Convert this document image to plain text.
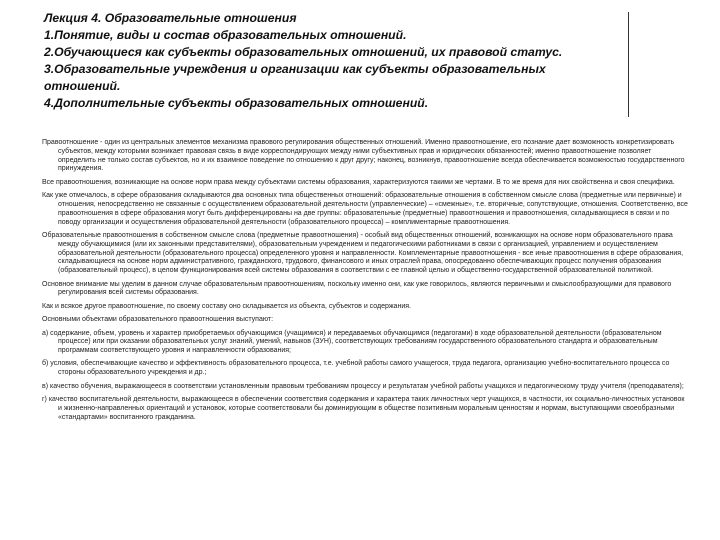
Лекция 4. Образовательные отношения
1.Понятие, виды и состав образовательных отношений.
2.Обучающиеся как субъекты образовательных отношений, их правовой статус.
3.Образовательные учреждения и организации как субъекты образовательных
отношений.
4.Дополнительные субъекты образовательных отношений.

Правоотношение - один из центральных элементов механизма правового регулирования общественных отношений. Именно правоотношение, его познание дает возможность конкретизировать субъектов, между которыми возникает правовая связь в виде корреспондирующих между ними субъективных прав и юридических обязанностей; именно правоотношение позволяет определить не только состав субъектов, но и их взаимное поведение по отношению к друг другу; наконец, возникнув, правоотношение всегда обеспечивается возможностью государственного принуждения.

Все правоотношения, возникающие на основе норм права между субъектами системы образования, характеризуются такими же чертами. В то же время для них свойственна и своя специфика.

Как уже отмечалось, в сфере образования складываются два основных типа общественных отношений: образовательные отношения в собственном смысле слова (предметные или первичные) и отношения, непосредственно не связанные с осуществлением образовательной деятельности (управленческие) – «смежные», т.е. вторичные, сопутствующие, отношения. Соответственно, все правоотношения в сфере образования могут быть дифференцированы на две группы: образовательные (предметные) правоотношения и правоотношения, складывающиеся в связи и по поводу организации и осуществления образовательной деятельности (образовательного процесса) – комплиментарные правоотношения.

Образовательные правоотношения в собственном смысле слова (предметные правоотношения) - особый вид общественных отношений, возникающих на основе норм образовательного права между обучающимися (или их законными представителями), образовательным учреждением и педагогическими работниками в связи с организацией, управлением и осуществлением образовательной деятельности (образовательного процесса) определенного уровня и направленности. Комплементарные правоотношения - все иные правоотношения в сфере образования, складывающиеся на основе норм административного, гражданского, трудового, финансового и иных отраслей права, опосредованно обеспечивающих процесс получения образования (образовательный процесс), в целом функционирования всей системы образования в соответствии с ее главной целью и общественно-государственной образовательной политикой.

Основное внимание мы уделим в данном случае образовательным правоотношениям, поскольку именно они, как уже говорилось, являются первичными и смыслообразующими для правового регулирования всей системы образования.

Как и всякое другое правоотношение, по своему составу оно складывается из объекта, субъектов и содержания.

Основными объектами образовательного правоотношения выступают:

а) содержание, объем, уровень и характер приобретаемых обучающимся (учащимися) и передаваемых обучающимся (педагогами) в ходе образовательной деятельности (образовательном процессе) или при оказании образовательных услуг знаний, умений, навыков (ЗУН), соответствующих требованиям государственного образовательного стандарта и образовательным программам соответствующего уровня и направленности образования;

б) условия, обеспечивающие качество и эффективность образовательного процесса, т.е. учебной работы самого учащегося, труда педагога, организацию учебно-воспитательного процесса со стороны образовательного учреждения и др.;

в) качество обучения, выражающееся в соответствии установленным правовым требованиям процессу и результатам учебной работы учащихся и педагогическому труду учителя (преподавателя);

г) качество воспитательной деятельности, выражающееся в обеспечении соответствия содержания и характера таких личностных черт учащихся, в частности, их социально-личностных установок и жизненно-направленных ориентаций и установок, которые соответствовали бы доминирующим в обществе позитивным моральным ценностям и нормам, выступающими своеобразными «стандартами» воспитанного гражданина.
